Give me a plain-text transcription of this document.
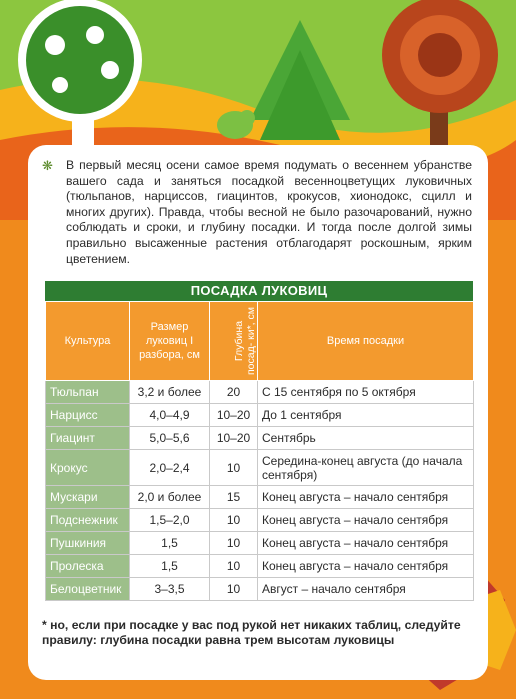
❋ В первый месяц осени самое время подумать о весеннем убранстве вашего сада и заняться посадкой весенноцветущих луковичных (тюльпанов, нарциссов, гиацинтов, крокусов, хионодокс, сцилл и многих других). Правда, чтобы весной не было разочарований, нужно соблюдать и сроки, и глубину посадки. И тогда после долгой зимы правильно высаженные растения отблагодарят роскошным, ярким цветением.

ПОСАДКА ЛУКОВИЦ
Культура	Размер луковиц I разбора, см	Глубина посад- ки*, см	Время посадки
Тюльпан	3,2 и более	20	С 15 сентября по 5 октября
Нарцисс	4,0–4,9	10–20	До 1 сентября
Гиацинт	5,0–5,6	10–20	Сентябрь
Крокус	2,0–2,4	10	Середина-конец августа (до начала сентября)
Мускари	2,0 и более	15	Конец августа – начало сентября
Подснежник	1,5–2,0	10	Конец августа – начало сентября
Пушкиния	1,5	10	Конец августа – начало сентября
Пролеска	1,5	10	Конец августа – начало сентября
Белоцветник	3–3,5	10	Август – начало сентября
* но, если при посадке у вас под рукой нет никаких таблиц, следуйте правилу: глубина посадки равна трем высотам луковицы
